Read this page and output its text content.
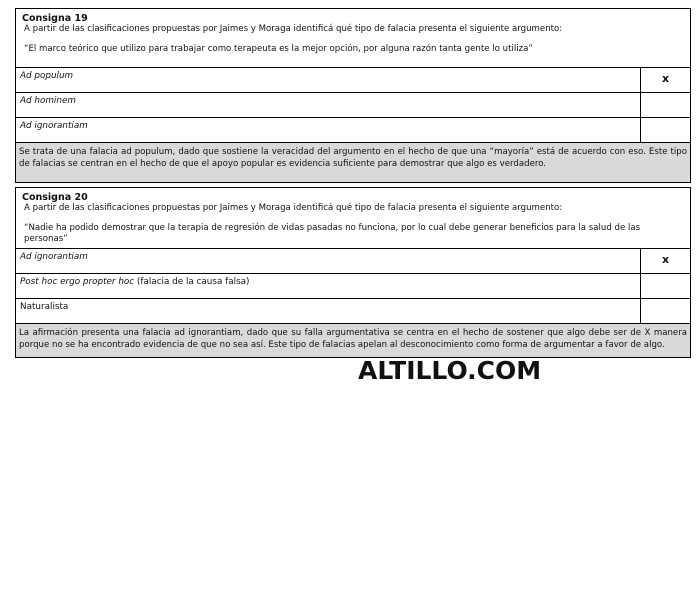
Consigna 19
A partir de las clasificaciones propuestas por Jaimes y Moraga identificá qué tipo de falacia presenta el siguiente argumento:
“El marco teórico que utilizo para trabajar como terapeuta es la mejor opción, por alguna razón tanta gente lo utiliza”
Ad populum	x
Ad hominem
Ad ignorantiam
Se trata de una falacia ad populum, dado que sostiene la veracidad del argumento en el hecho de que una “mayoría” está de acuerdo con eso. Este tipo de falacias se centran en el hecho de que el apoyo popular es evidencia suficiente para demostrar que algo es verdadero.
Consigna 20
A partir de las clasificaciones propuestas por Jaimes y Moraga identificá qué tipo de falacia presenta el siguiente argumento:
“Nadie ha podido demostrar que la terapia de regresión de vidas pasadas no funciona, por lo cual debe generar beneficios para la salud de las personas”
Ad ignorantiam	x
Post hoc ergo propter hoc (falacia de la causa falsa)
Naturalista
La afirmación presenta una falacia ad ignorantiam, dado que su falla argumentativa se centra en el hecho de sostener que algo debe ser de X manera porque no se ha encontrado evidencia de que no sea así. Este tipo de falacias apelan al desconocimiento como forma de argumentar a favor de algo.
ALTILLO.COM
